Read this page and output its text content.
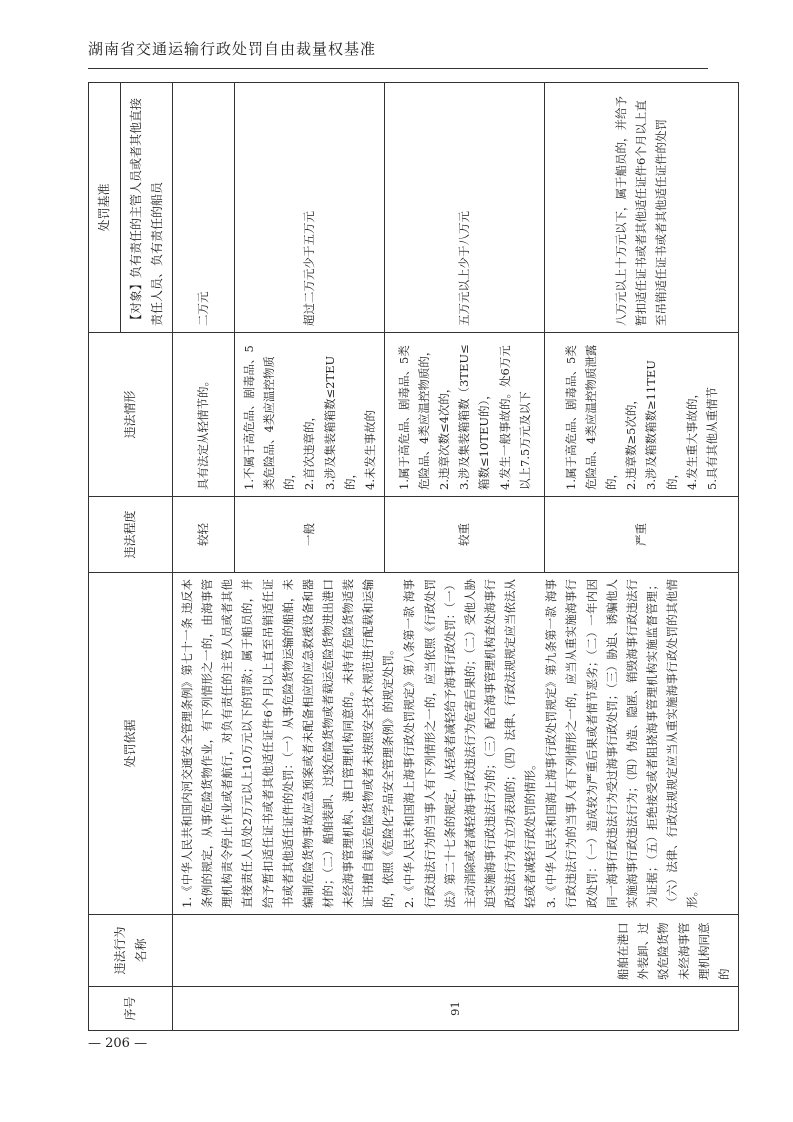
湖南省交通运输行政处罚自由裁量权基准
序号	违法行为名称	处罚依据	违法程度	违法情形	处罚基准
					【对象】负有责任的主管人员或者其他直接责任人员、负有责任的船员
91	船舶在港口外装卸、过驳危险货物未经海事管理机构同意的	1.《中华人民共和国内河交通安全管理条例》第七十一条 违反本条例的规定，从事危险货物作业，有下列情形之一的，由海事管理机构责令停止作业或者航行，对负有责任的主管人员或者其他直接责任人员处2万元以上10万元以下的罚款；属于船员的，并给予暂扣适任证书或者其他适任证件6个月以上直至吊销适任证书或者其他适任证件的处罚：（一）从事危险货物运输的船舶，未编制危险货物事故应急预案或者未配备相应的应急救援设备和器材的；（二）船舶装卸、过驳危险货物或者载运危险货物进出港口未经海事管理机构、港口管理机构同意的。未持有危险货物适装证书擅自载运危险货物或者未按照安全技术规范进行配载和运输的，依照《危险化学品安全管理条例》的规定处罚。 2.《中华人民共和国海上海事行政处罚规定》第八条第一款 海事行政违法行为的当事人有下列情形之一的，应当依照《行政处罚法》第二十七条的规定，从轻或者减轻给予海事行政处罚：（一）主动消除或者减轻海事行政违法行为危害后果的；（二）受他人胁迫实施海事行政违法行为的；（三）配合海事管理机构查处海事行政违法行为有立功表现的；（四）法律、行政法规规定应当依法从轻或者减轻行政处罚的情形。 3.《中华人民共和国海上海事行政处罚规定》第九条第一款 海事行政违法行为的当事人有下列情形之一的，应当从重实施海事行政处罚：（一）造成较为严重后果或者情节恶劣；（二）一年内因同一海事行政违法行为受过海事行政处罚；（三）胁迫、诱骗他人实施海事行政违法行为；（四）伪造、隐匿、销毁海事行政违法行为证据；（五）拒绝接受或者阻挠海事管理机构实施监督管理；（六）法律、行政法规规定应当从重实施海事行政处罚的其他情形。	较轻	具有法定从轻情节的。	二万元
			一般	1.不属于高危品、剧毒品、5类危险品、4类应温控物质的， 2.首次违章的， 3.涉及集装箱箱数≤2TEU的， 4.未发生事故的	超过二万元少于五万元
			较重	1.属于高危品、剧毒品、5类危险品、4类应温控物质的， 2.违章次数≤4次的， 3.涉及集装箱箱数（3TEU≤箱数≤10TEU的）， 4.发生一般事故的。处6万元以上7.5万元及以下	五万元以上少于八万元
			严重	1.属于高危品、剧毒品、5类危险品、4类应温控物质泄露的， 2.违章数≥5次的， 3.涉及箱数箱数≥11TEU的， 4.发生重大事故的， 5.具有其他从重情节	八万元以上十万元以下，属于船员的，并给予暂扣适任证书或者其他适任证件6个月以上直至吊销适任证书或者其他适任证件的处罚
— 206 —
